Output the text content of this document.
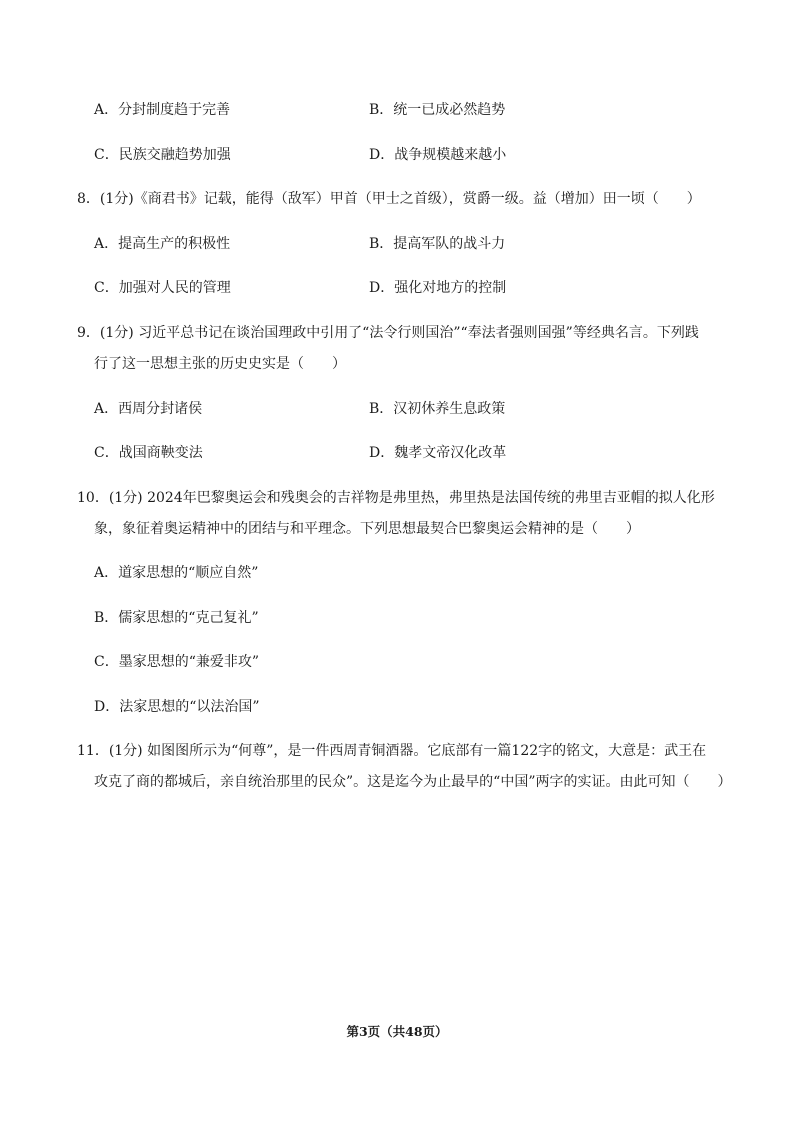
A．分封制度趋于完善	B．统一已成必然趋势
C．民族交融趋势加强	D．战争规模越来越小
8．(1分)《商君书》记载，能得（敌军）甲首（甲士之首级），赏爵一级。益（增加）田一顷（　　）
A．提高生产的积极性	B．提高军队的战斗力
C．加强对人民的管理	D．强化对地方的控制
9．(1分) 习近平总书记在谈治国理政中引用了“法令行则国治”“奉法者强则国强”等经典名言。下列践
行了这一思想主张的历史史实是（　　）
A．西周分封诸侯	B．汉初休养生息政策
C．战国商鞅变法	D．魏孝文帝汉化改革
10．(1分) 2024年巴黎奥运会和残奥会的吉祥物是弗里热，弗里热是法国传统的弗里吉亚帽的拟人化形
象，象征着奥运精神中的团结与和平理念。下列思想最契合巴黎奥运会精神的是（　　）
A．道家思想的“顺应自然”
B．儒家思想的“克己复礼”
C．墨家思想的“兼爱非攻”
D．法家思想的“以法治国”
11．(1分) 如图图所示为“何尊”，是一件西周青铜酒器。它底部有一篇122字的铭文，大意是：武王在
攻克了商的都城后，亲自统治那里的民众”。这是迄今为止最早的“中国”两字的实证。由此可知（　　）
第3页（共48页）
